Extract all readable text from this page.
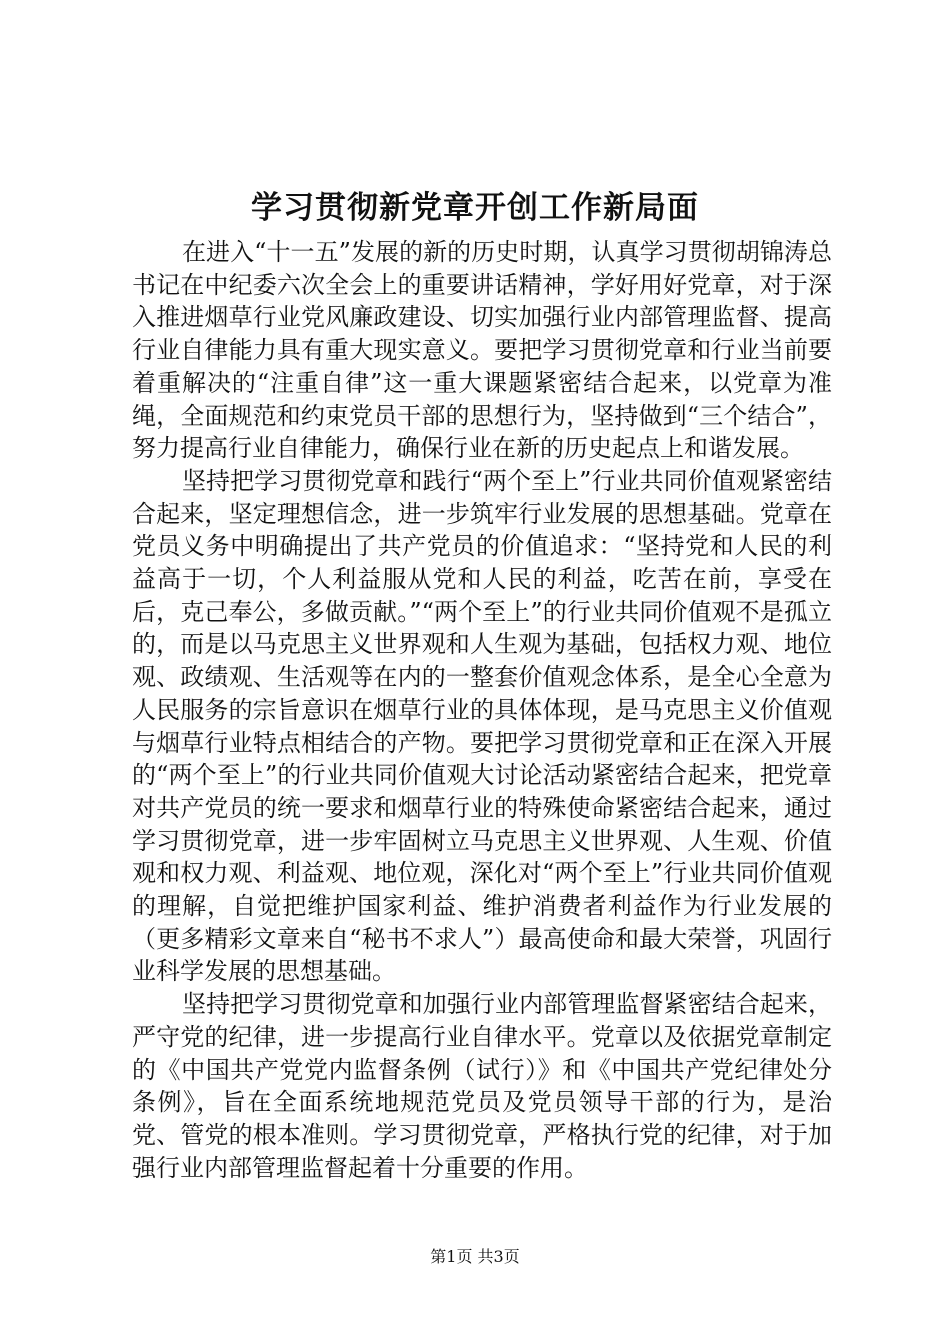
学习贯彻新党章开创工作新局面

在进入“十一五”发展的新的历史时期，认真学习贯彻胡锦涛总书记在中纪委六次全会上的重要讲话精神，学好用好党章，对于深入推进烟草行业党风廉政建设、切实加强行业内部管理监督、提高行业自律能力具有重大现实意义。要把学习贯彻党章和行业当前要着重解决的“注重自律”这一重大课题紧密结合起来，以党章为准绳，全面规范和约束党员干部的思想行为，坚持做到“三个结合”，努力提高行业自律能力，确保行业在新的历史起点上和谐发展。

坚持把学习贯彻党章和践行“两个至上”行业共同价值观紧密结合起来，坚定理想信念，进一步筑牢行业发展的思想基础。党章在党员义务中明确提出了共产党员的价值追求：“坚持党和人民的利益高于一切，个人利益服从党和人民的利益，吃苦在前，享受在后，克己奉公，多做贡献。”“两个至上”的行业共同价值观不是孤立的，而是以马克思主义世界观和人生观为基础，包括权力观、地位观、政绩观、生活观等在内的一整套价值观念体系，是全心全意为人民服务的宗旨意识在烟草行业的具体体现，是马克思主义价值观与烟草行业特点相结合的产物。要把学习贯彻党章和正在深入开展的“两个至上”的行业共同价值观大讨论活动紧密结合起来，把党章对共产党员的统一要求和烟草行业的特殊使命紧密结合起来，通过学习贯彻党章，进一步牢固树立马克思主义世界观、人生观、价值观和权力观、利益观、地位观，深化对“两个至上”行业共同价值观的理解，自觉把维护国家利益、维护消费者利益作为行业发展的（更多精彩文章来自“秘书不求人”）最高使命和最大荣誉，巩固行业科学发展的思想基础。

坚持把学习贯彻党章和加强行业内部管理监督紧密结合起来，严守党的纪律，进一步提高行业自律水平。党章以及依据党章制定的《中国共产党党内监督条例（试行）》和《中国共产党纪律处分条例》，旨在全面系统地规范党员及党员领导干部的行为，是治党、管党的根本准则。学习贯彻党章，严格执行党的纪律，对于加强行业内部管理监督起着十分重要的作用。

第1页 共3页
